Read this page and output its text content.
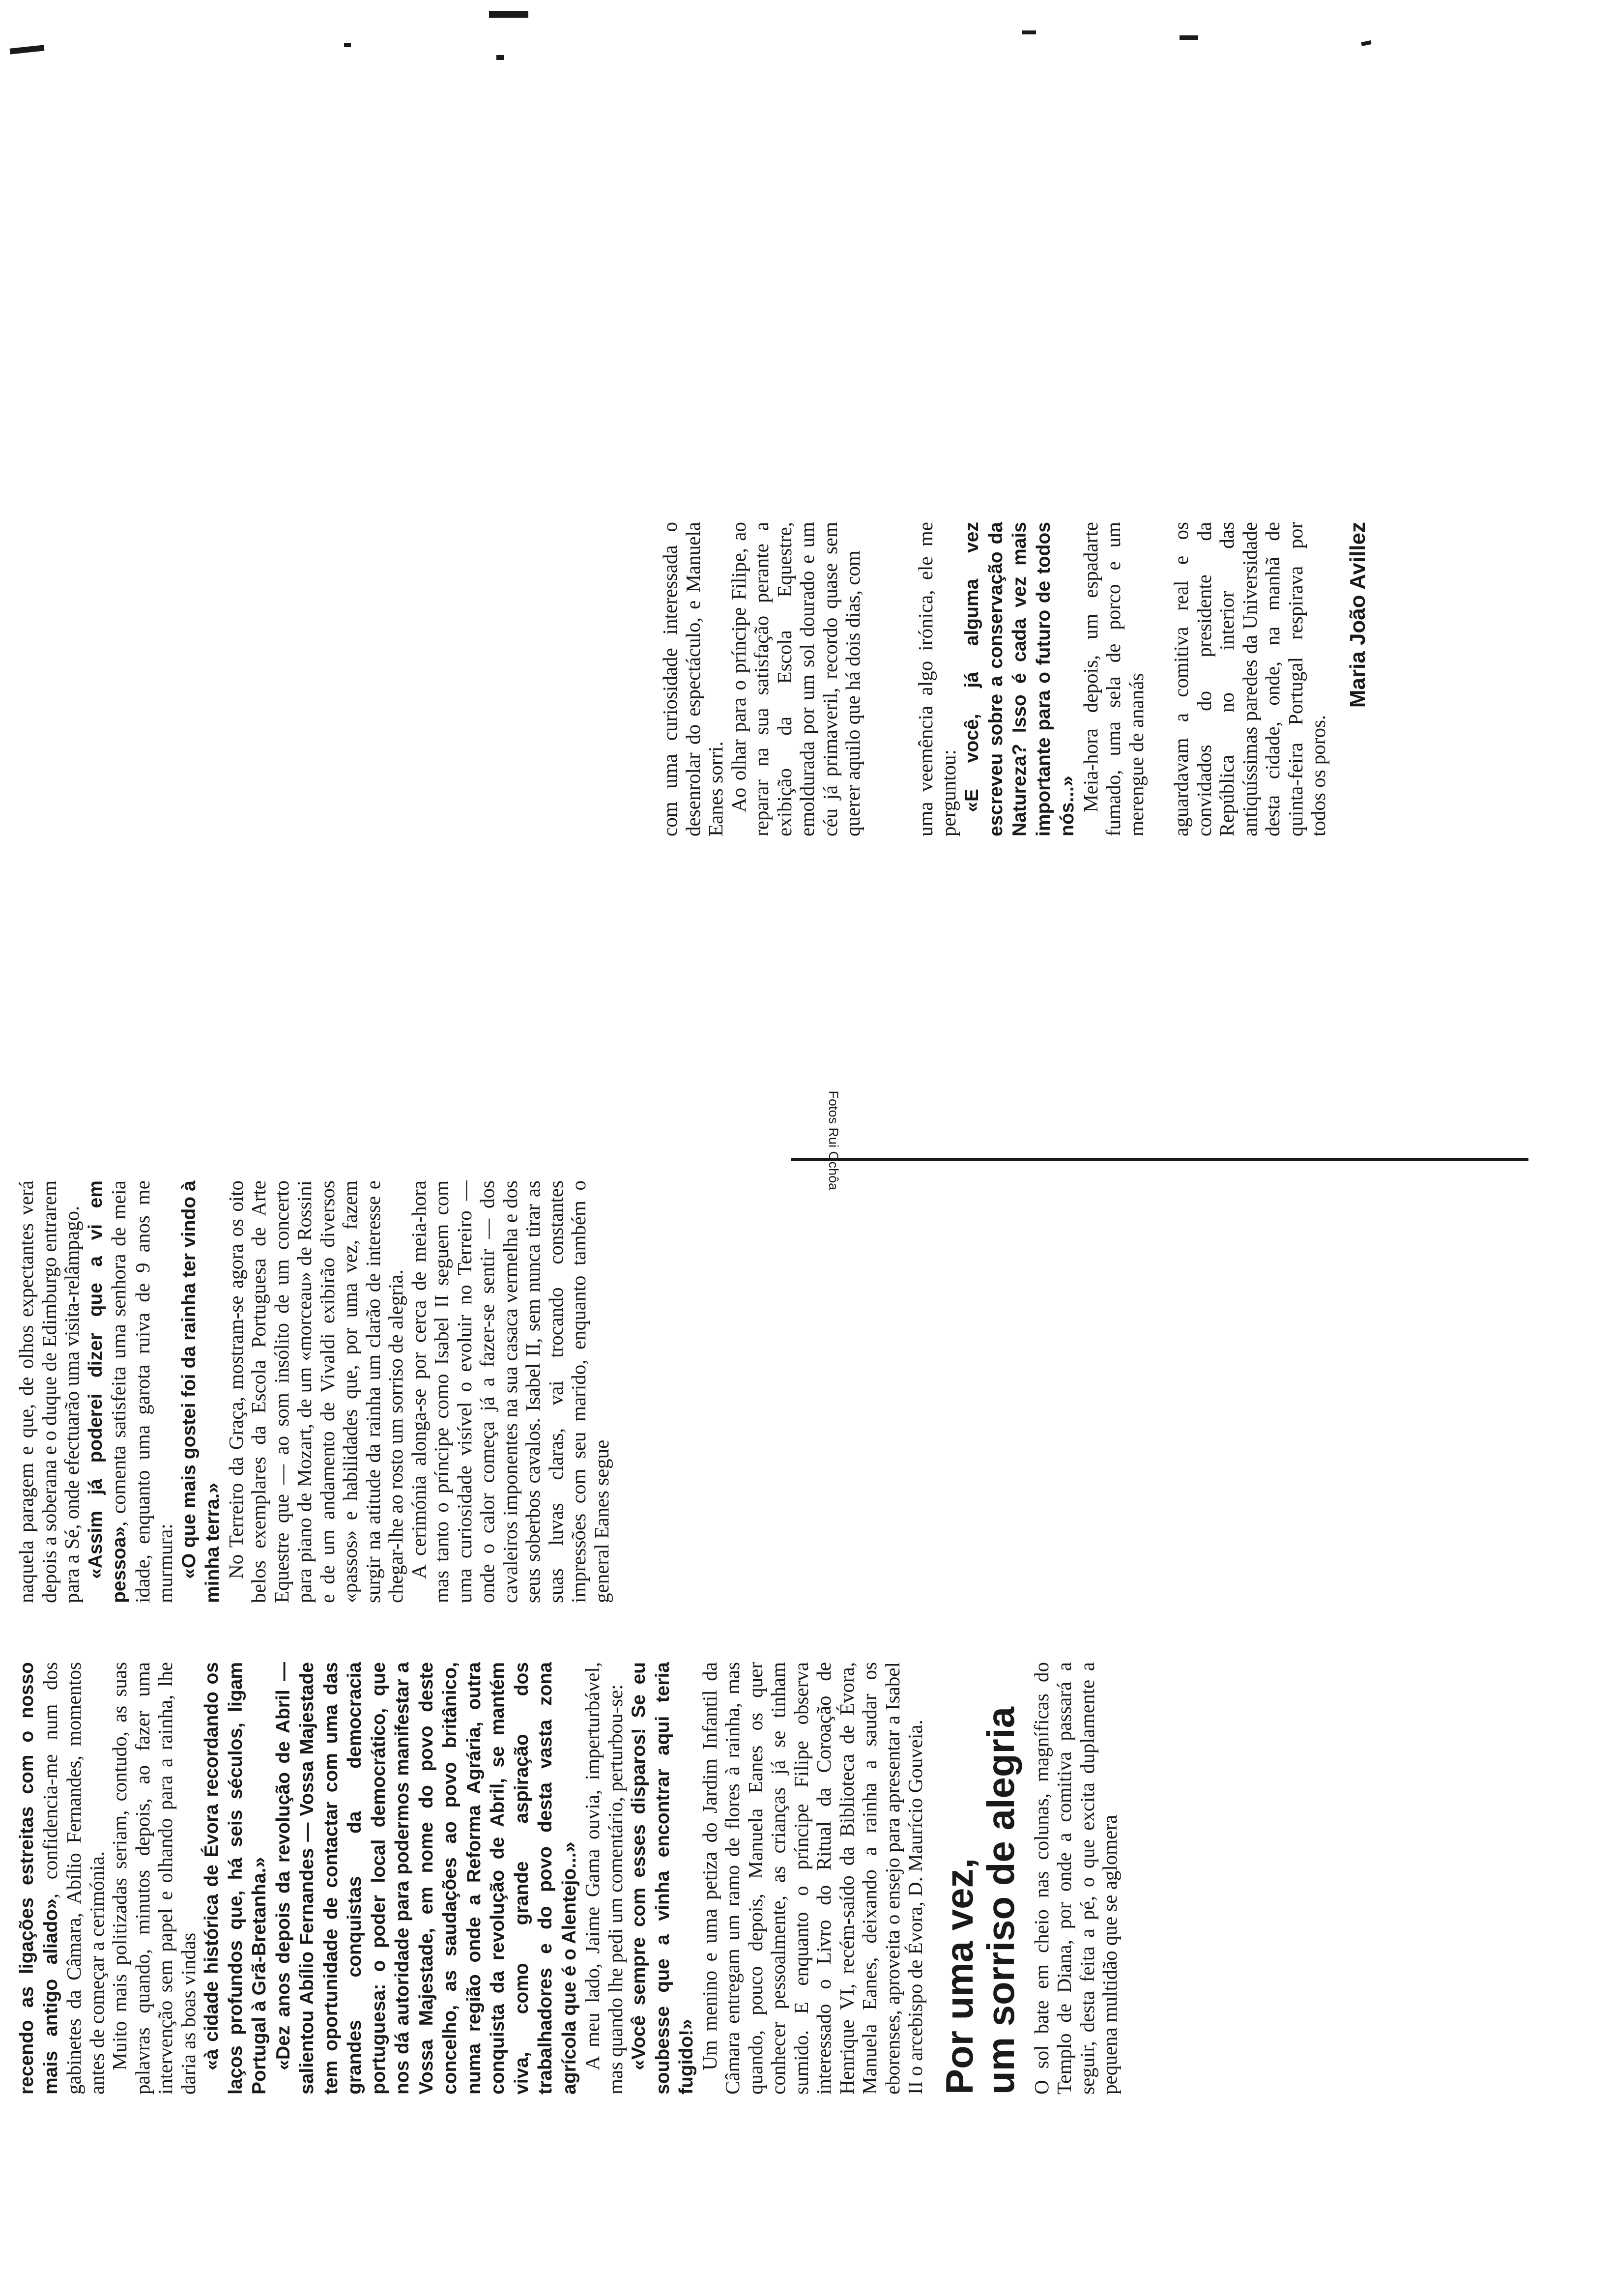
recendo as ligações estreitas com o nosso mais antigo aliado», confidencia-me num dos gabinetes da Câmara, Abílio Fernandes, momentos antes de começar a cerimónia. Muito mais politizadas seriam, contudo, as suas palavras quando, minutos depois, ao fazer uma intervenção sem papel e olhando para a rainha, lhe daria as boas vindas «à cidade histórica de Évora recordando os laços profundos que, há seis séculos, ligam Portugal à Grã-Bretanha.» «Dez anos depois da revolução de Abril — salientou Abílio Fernandes — Vossa Majestade tem oportunidade de contactar com uma das grandes conquistas da democracia portuguesa: o poder local democrático, que nos dá autoridade para podermos manifestar a Vossa Majestade, em nome do povo deste concelho, as saudações ao povo britânico, numa região onde a Reforma Agrária, outra conquista da revolução de Abril, se mantém viva, como grande aspiração dos trabalhadores e do povo desta vasta zona agrícola que é o Alentejo...» A meu lado, Jaime Gama ouvia, imperturbável, mas quando lhe pedi um comentário, perturbou-se: «Você sempre com esses disparos! Se eu soubesse que a vinha encontrar aqui teria fugido!» Um menino e uma petiza do Jardim Infantil da Câmara entregam um ramo de flores à rainha, mas quando, pouco depois, Manuela Eanes os quer conhecer pessoalmente, as crianças já se tinham sumido. E enquanto o príncipe Filipe observa interessado o Livro do Ritual da Coroação de Henrique VI, recém-saído da Biblioteca de Évora, Manuela Eanes, deixando a rainha a saudar os eborenses, aproveita o ensejo para apresentar a Isabel II o arcebispo de Évora, D. Maurício Gouveia. Por uma vez,
um sorriso de alegria O sol bate em cheio nas colunas, magníficas do Templo de Diana, por onde a comitiva passará a seguir, desta feita a pé, o que excita duplamente a pequena multidão que se aglomera

naquela paragem e que, de olhos expectantes verá depois a soberana e o duque de Edimburgo entrarem para a Sé, onde efectuarão uma visita-relâmpago. «Assim já poderei dizer que a vi em pessoa», comenta satisfeita uma senhora de meia idade, enquanto uma garota ruiva de 9 anos me murmura: «O que mais gostei foi da rainha ter vindo à minha terra.» No Terreiro da Graça, mostram-se agora os oito belos exemplares da Escola Portuguesa de Arte Equestre que — ao som insólito de um concerto para piano de Mozart, de um «morceau» de Rossini e de um andamento de Vivaldi exibirão diversos «passos» e habilidades que, por uma vez, fazem surgir na atitude da rainha um clarão de interesse e chegar-lhe ao rosto um sorriso de alegria. A cerimónia alonga-se por cerca de meia-hora mas tanto o príncipe como Isabel II seguem com uma curiosidade visível o evoluir no Terreiro — onde o calor começa já a fazer-se sentir — dos cavaleiros imponentes na sua casaca vermelha e dos seus soberbos cavalos. Isabel II, sem nunca tirar as suas luvas claras, vai trocando constantes impressões com seu marido, enquanto também o general Eanes segue

Fotos Rui Ochôa

com uma curiosidade interessada o desenrolar do espectáculo, e Manuela Eanes sorri. Ao olhar para o príncipe Filipe, ao reparar na sua satisfação perante a exibição da Escola Equestre, emoldurada por um sol dourado e um céu já primaveril, recordo quase sem querer aquilo que há dois dias, com uma veemência algo irónica, ele me perguntou: «E você, já alguma vez escreveu sobre a conservação da Natureza? Isso é cada vez mais importante para o futuro de todos nós...» Meia-hora depois, um espadarte fumado, uma sela de porco e um merengue de ananás aguardavam a comitiva real e os convidados do presidente da República no interior das antiquíssimas paredes da Universidade desta cidade, onde, na manhã de quinta-feira Portugal respirava por todos os poros.

Maria João Avillez
